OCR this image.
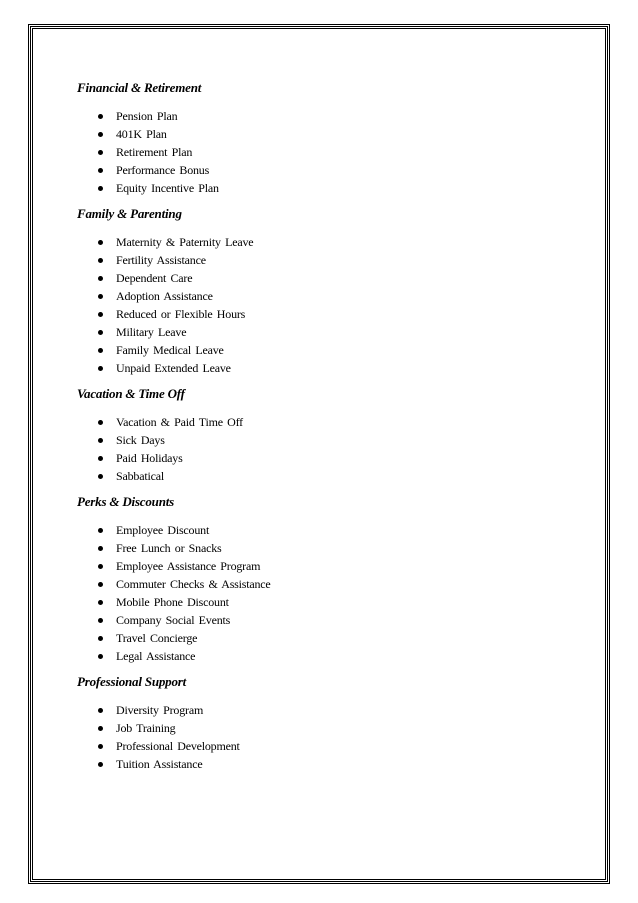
Financial & Retirement
Pension Plan
401K Plan
Retirement Plan
Performance Bonus
Equity Incentive Plan
Family & Parenting
Maternity & Paternity Leave
Fertility Assistance
Dependent Care
Adoption Assistance
Reduced or Flexible Hours
Military Leave
Family Medical Leave
Unpaid Extended Leave
Vacation & Time Off
Vacation & Paid Time Off
Sick Days
Paid Holidays
Sabbatical
Perks & Discounts
Employee Discount
Free Lunch or Snacks
Employee Assistance Program
Commuter Checks & Assistance
Mobile Phone Discount
Company Social Events
Travel Concierge
Legal Assistance
Professional Support
Diversity Program
Job Training
Professional Development
Tuition Assistance
